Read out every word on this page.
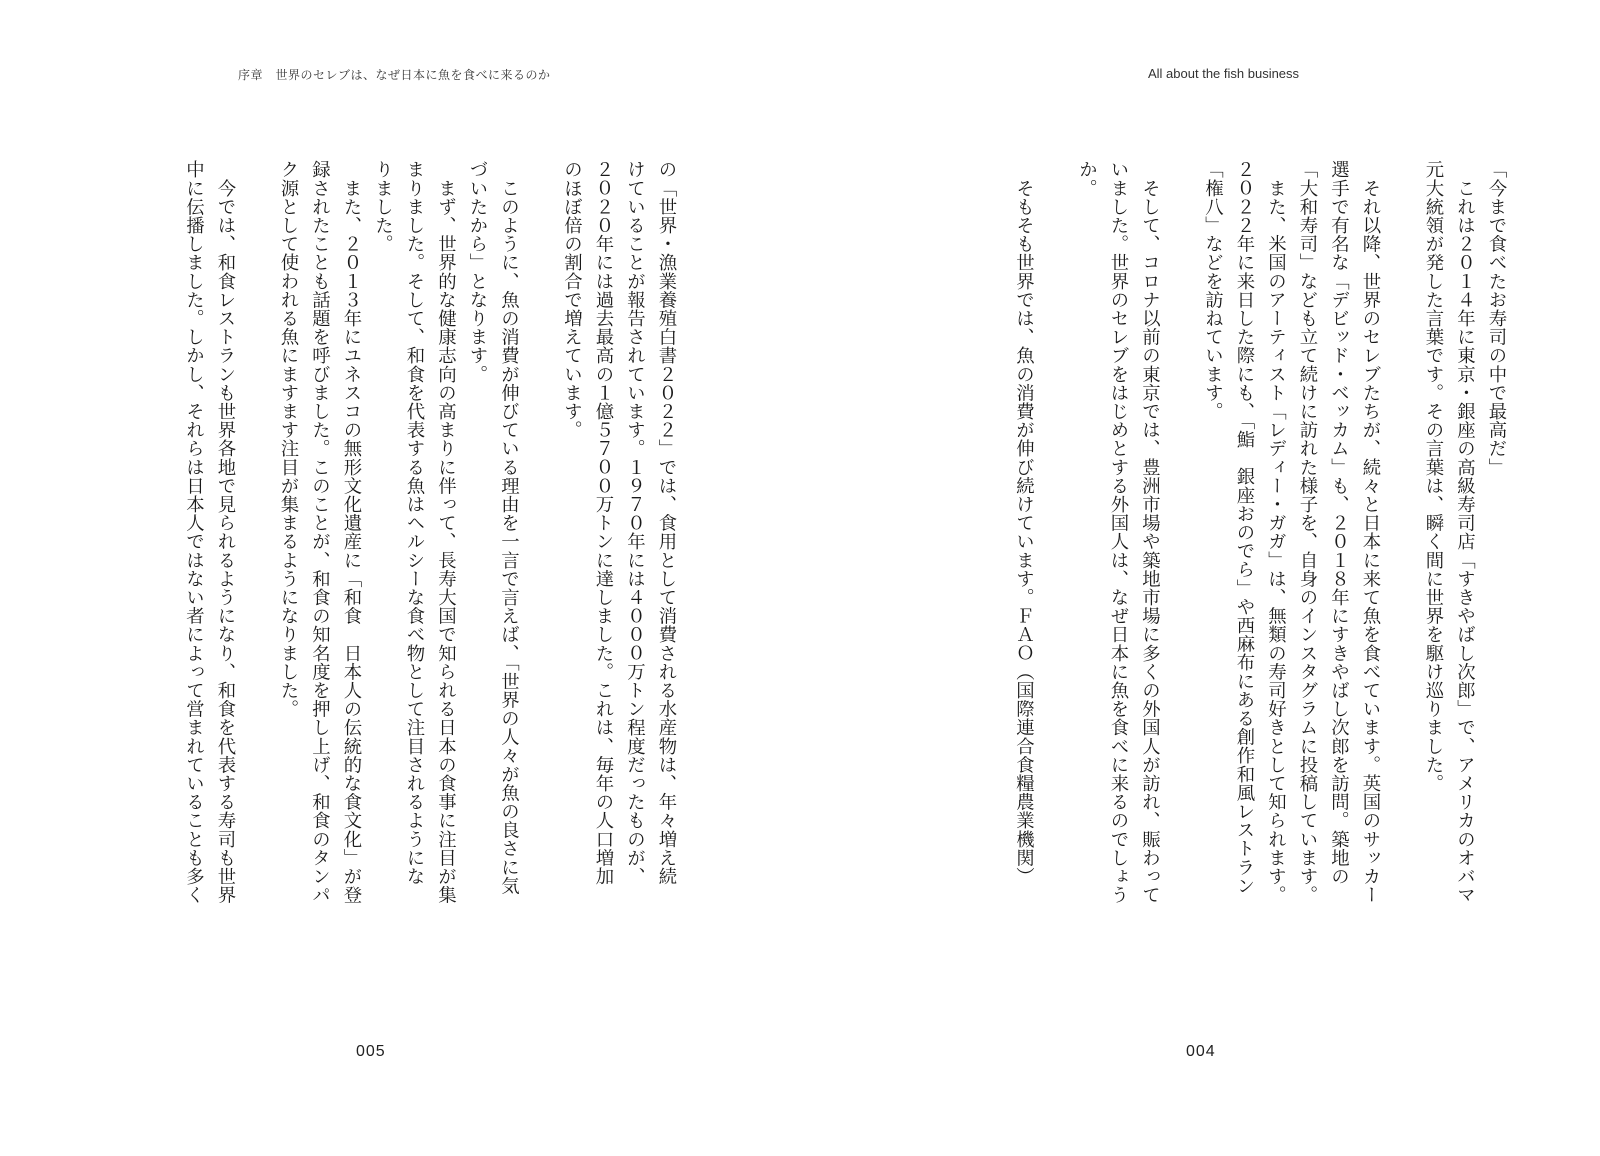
序章　世界のセレブは、なぜ日本に魚を食べに来るのか
の「世界・漁業養殖白書２０２２」では、食用として消費される水産物は、年々増え続
けていることが報告されています。１９７０年には４０００万トン程度だったものが、
２０２０年には過去最高の１億５７００万トンに達しました。これは、毎年の人口増加
のほぼ倍の割合で増えています。
　このように、魚の消費が伸びている理由を一言で言えば、「世界の人々が魚の良さに気
づいたから」となります。
　まず、世界的な健康志向の高まりに伴って、長寿大国で知られる日本の食事に注目が集
まりました。そして、和食を代表する魚はヘルシーな食べ物として注目されるようにな
りました。
　また、２０１３年にユネスコの無形文化遺産に「和食　日本人の伝統的な食文化」が登
録されたことも話題を呼びました。このことが、和食の知名度を押し上げ、和食のタンパ
ク源として使われる魚にますます注目が集まるようになりました。
　今では、和食レストランも世界各地で見られるようになり、和食を代表する寿司も世界
中に伝播しました。しかし、それらは日本人ではない者によって営まれていることも多く
005
All about the fish business
「今まで食べたお寿司の中で最高だ」
　これは２０１４年に東京・銀座の高級寿司店「すきやばし次郎」で、アメリカのオバマ
元大統領が発した言葉です。その言葉は、瞬く間に世界を駆け巡りました。
　それ以降、世界のセレブたちが、続々と日本に来て魚を食べています。英国のサッカー
選手で有名な「デビッド・ベッカム」も、２０１８年にすきやばし次郎を訪問。築地の
「大和寿司」なども立て続けに訪れた様子を、自身のインスタグラムに投稿しています。
　また、米国のアーティスト「レディー・ガガ」は、無類の寿司好きとして知られます。
２０２２年に来日した際にも、「鮨　銀座おのでら」や西麻布にある創作和風レストラン
「権八」などを訪ねています。
　そして、コロナ以前の東京では、豊洲市場や築地市場に多くの外国人が訪れ、賑わって
いました。世界のセレブをはじめとする外国人は、なぜ日本に魚を食べに来るのでしょう
か。
　そもそも世界では、魚の消費が伸び続けています。ＦＡＯ（国際連合食糧農業機関）
004
